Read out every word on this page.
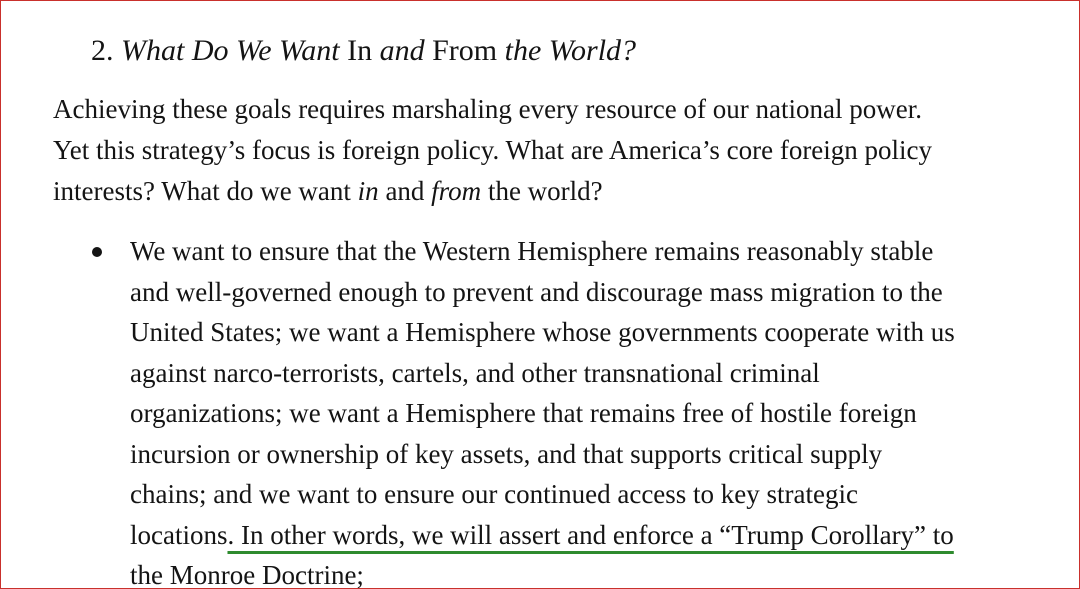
2. What Do We Want In and From the World?

Achieving these goals requires marshaling every resource of our national power.
Yet this strategy’s focus is foreign policy. What are America’s core foreign policy
interests? What do we want in and from the world?

We want to ensure that the Western Hemisphere remains reasonably stable
and well-governed enough to prevent and discourage mass migration to the
United States; we want a Hemisphere whose governments cooperate with us
against narco-terrorists, cartels, and other transnational criminal
organizations; we want a Hemisphere that remains free of hostile foreign
incursion or ownership of key assets, and that supports critical supply
chains; and we want to ensure our continued access to key strategic
locations. In other words, we will assert and enforce a “Trump Corollary” to
the Monroe Doctrine;
